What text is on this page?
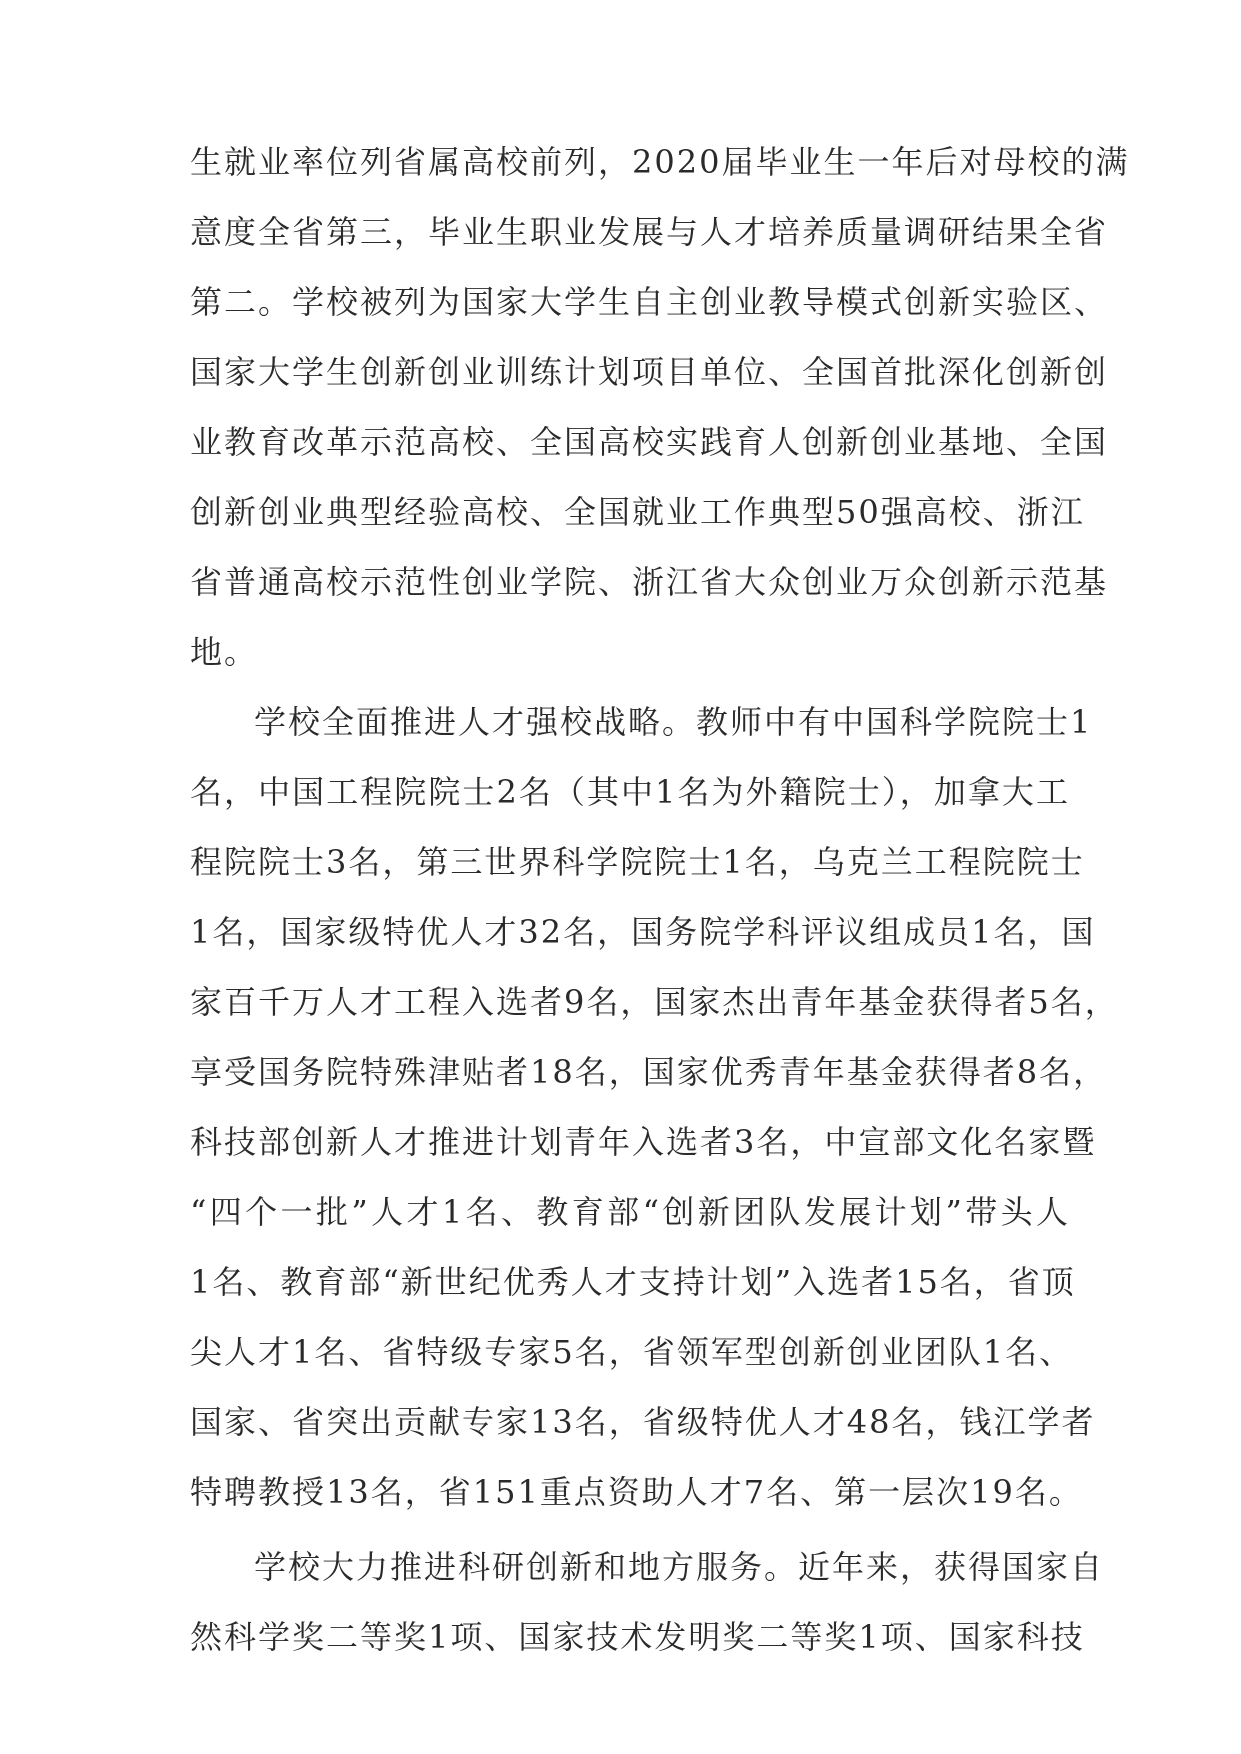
生就业率位列省属高校前列，2020届毕业生一年后对母校的满
意度全省第三，毕业生职业发展与人才培养质量调研结果全省
第二。学校被列为国家大学生自主创业教导模式创新实验区、
国家大学生创新创业训练计划项目单位、全国首批深化创新创
业教育改革示范高校、全国高校实践育人创新创业基地、全国
创新创业典型经验高校、全国就业工作典型50强高校、浙江
省普通高校示范性创业学院、浙江省大众创业万众创新示范基
地。
学校全面推进人才强校战略。教师中有中国科学院院士1
名，中国工程院院士2名（其中1名为外籍院士），加拿大工
程院院士3名，第三世界科学院院士1名，乌克兰工程院院士
1名，国家级特优人才32名，国务院学科评议组成员1名，国
家百千万人才工程入选者9名，国家杰出青年基金获得者5名，
享受国务院特殊津贴者18名，国家优秀青年基金获得者8名，
科技部创新人才推进计划青年入选者3名，中宣部文化名家暨
“四个一批”人才1名、教育部“创新团队发展计划”带头人
1名、教育部“新世纪优秀人才支持计划”入选者15名，省顶
尖人才1名、省特级专家5名，省领军型创新创业团队1名、
国家、省突出贡献专家13名，省级特优人才48名，钱江学者
特聘教授13名，省151重点资助人才7名、第一层次19名。
学校大力推进科研创新和地方服务。近年来，获得国家自
然科学奖二等奖1项、国家技术发明奖二等奖1项、国家科技
